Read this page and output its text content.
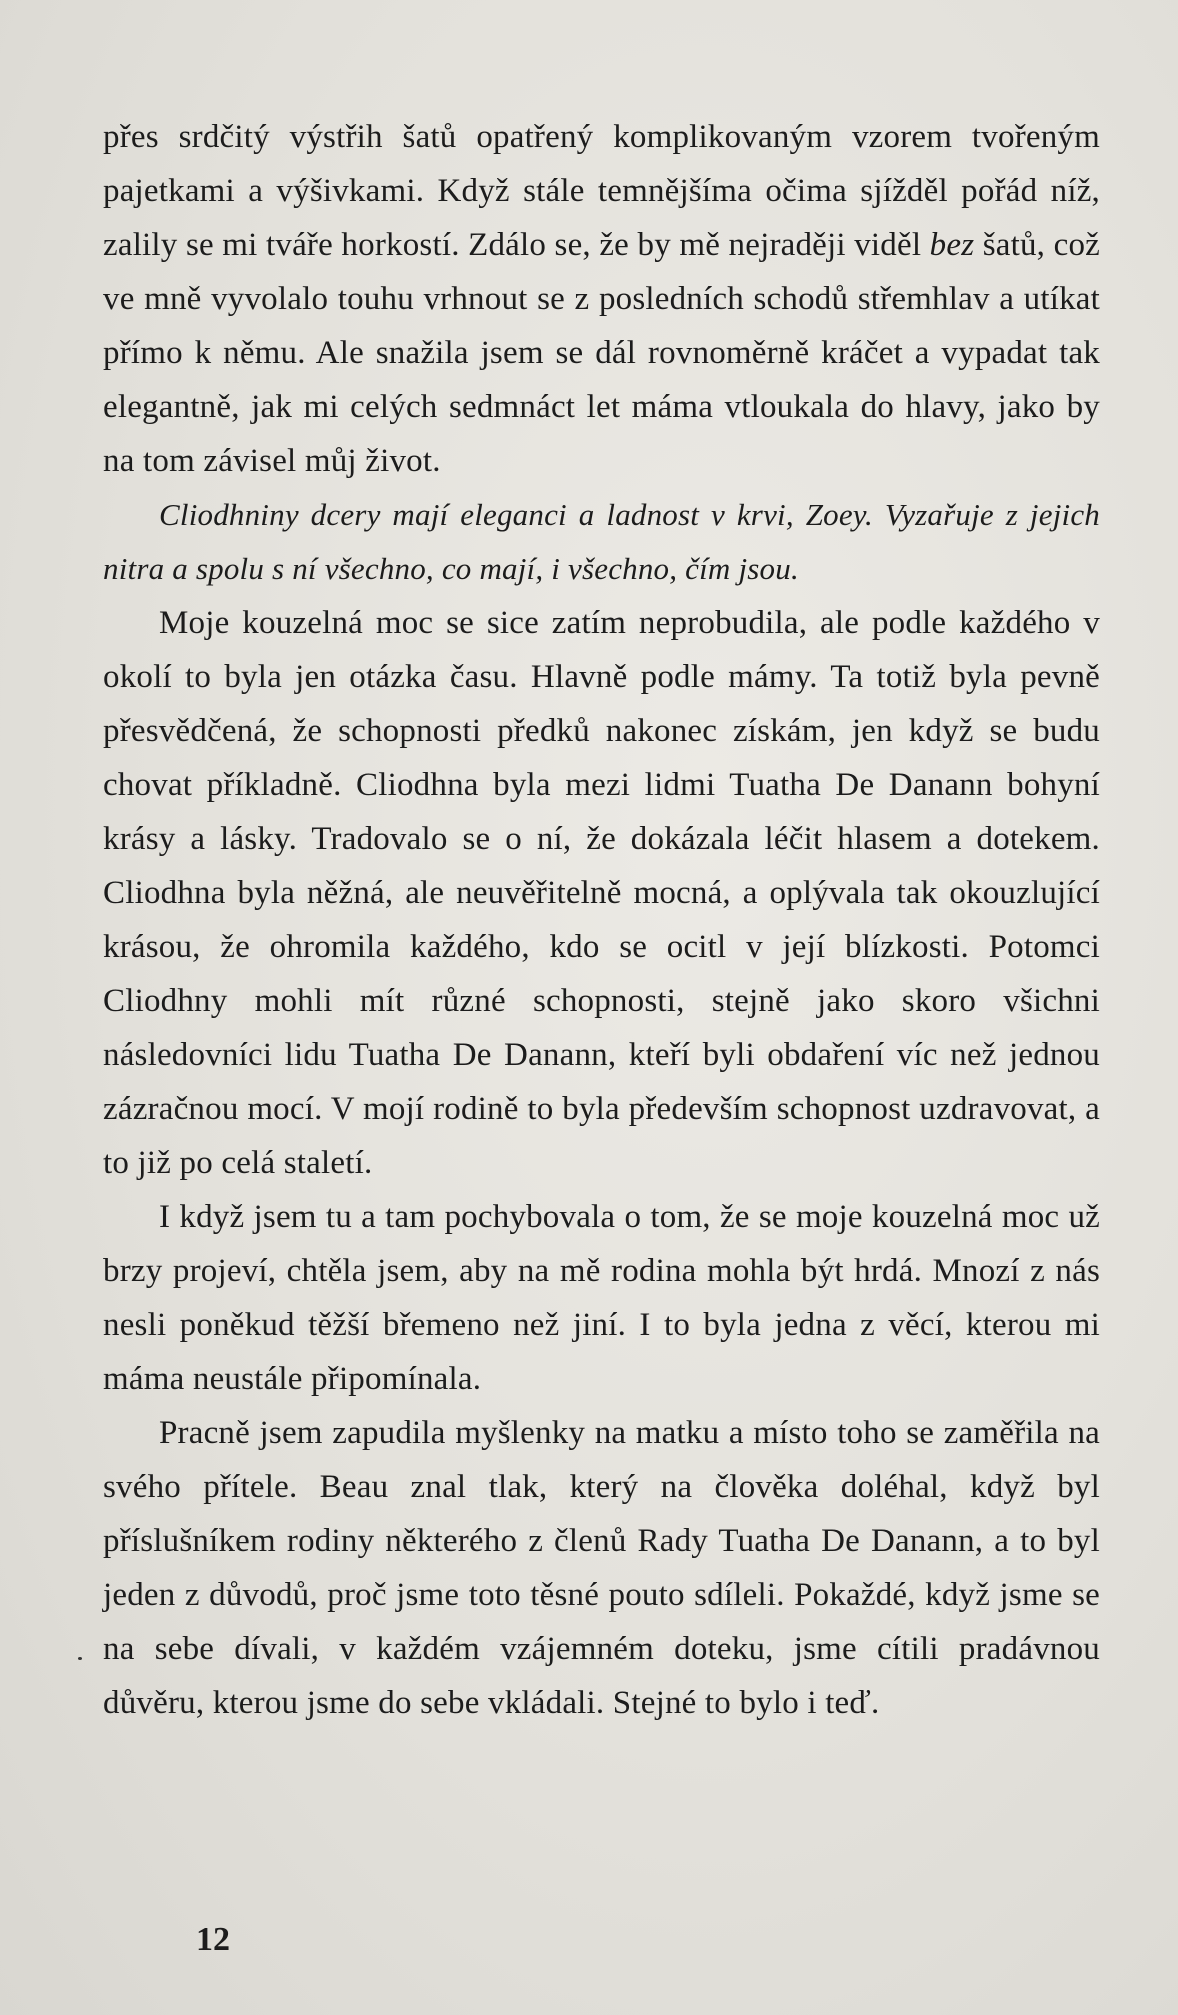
přes srdčitý výstřih šatů opatřený komplikovaným vzorem tvořeným pajetkami a výšivkami. Když stále temnějšíma očima sjížděl pořád níž, zalily se mi tváře horkostí. Zdálo se, že by mě nejraději viděl bez šatů, což ve mně vyvolalo touhu vrhnout se z posledních schodů střemhlav a utíkat přímo k němu. Ale snažila jsem se dál rovnoměrně kráčet a vypadat tak elegantně, jak mi celých sedmnáct let máma vtloukala do hlavy, jako by na tom závisel můj život.

Cliodhniny dcery mají eleganci a ladnost v krvi, Zoey. Vyzařuje z jejich nitra a spolu s ní všechno, co mají, i všechno, čím jsou.

Moje kouzelná moc se sice zatím neprobudila, ale podle každého v okolí to byla jen otázka času. Hlavně podle mámy. Ta totiž byla pevně přesvědčená, že schopnosti předků nakonec získám, jen když se budu chovat příkladně. Cliodhna byla mezi lidmi Tuatha De Danann bohyní krásy a lásky. Tradovalo se o ní, že dokázala léčit hlasem a dotekem. Cliodhna byla něžná, ale neuvěřitelně mocná, a oplývala tak okouzlující krásou, že ohromila každého, kdo se ocitl v její blízkosti. Potomci Cliodhny mohli mít různé schopnosti, stejně jako skoro všichni následovníci lidu Tuatha De Danann, kteří byli obdaření víc než jednou zázračnou mocí. V mojí rodině to byla především schopnost uzdravovat, a to již po celá staletí.

I když jsem tu a tam pochybovala o tom, že se moje kouzelná moc už brzy projeví, chtěla jsem, aby na mě rodina mohla být hrdá. Mnozí z nás nesli poněkud těžší břemeno než jiní. I to byla jedna z věcí, kterou mi máma neustále připomínala.

Pracně jsem zapudila myšlenky na matku a místo toho se zaměřila na svého přítele. Beau znal tlak, který na člověka doléhal, když byl příslušníkem rodiny některého z členů Rady Tuatha De Danann, a to byl jeden z důvodů, proč jsme toto těsné pouto sdíleli. Pokaždé, když jsme se na sebe dívali, v každém vzájemném doteku, jsme cítili pradávnou důvěru, kterou jsme do sebe vkládali. Stejné to bylo i teď.

12
